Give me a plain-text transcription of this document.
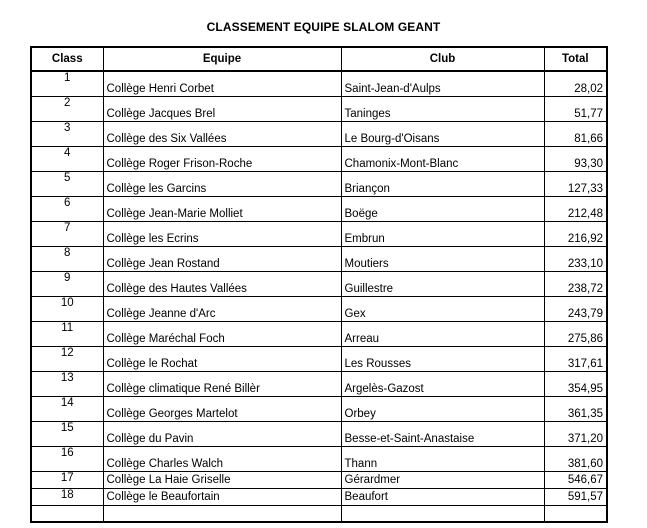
CLASSEMENT EQUIPE SLALOM GEANT
Class	Equipe	Club	Total
1	Collège Henri Corbet	Saint-Jean-d'Aulps	28,02
2	Collège Jacques Brel	Taninges	51,77
3	Collège des Six Vallées	Le Bourg-d'Oisans	81,66
4	Collège Roger Frison-Roche	Chamonix-Mont-Blanc	93,30
5	Collège les Garcins	Briançon	127,33
6	Collège Jean-Marie Molliet	Boëge	212,48
7	Collège les Ecrins	Embrun	216,92
8	Collège Jean Rostand	Moutiers	233,10
9	Collège des Hautes Vallées	Guillestre	238,72
10	Collège Jeanne d'Arc	Gex	243,79
11	Collège Maréchal Foch	Arreau	275,86
12	Collège le Rochat	Les Rousses	317,61
13	Collège climatique René Billèr	Argelès-Gazost	354,95
14	Collège Georges Martelot	Orbey	361,35
15	Collège du Pavin	Besse-et-Saint-Anastaise	371,20
16	Collège Charles Walch	Thann	381,60
17	Collège La Haie Griselle	Gérardmer	546,67
18	Collège le Beaufortain	Beaufort	591,57
